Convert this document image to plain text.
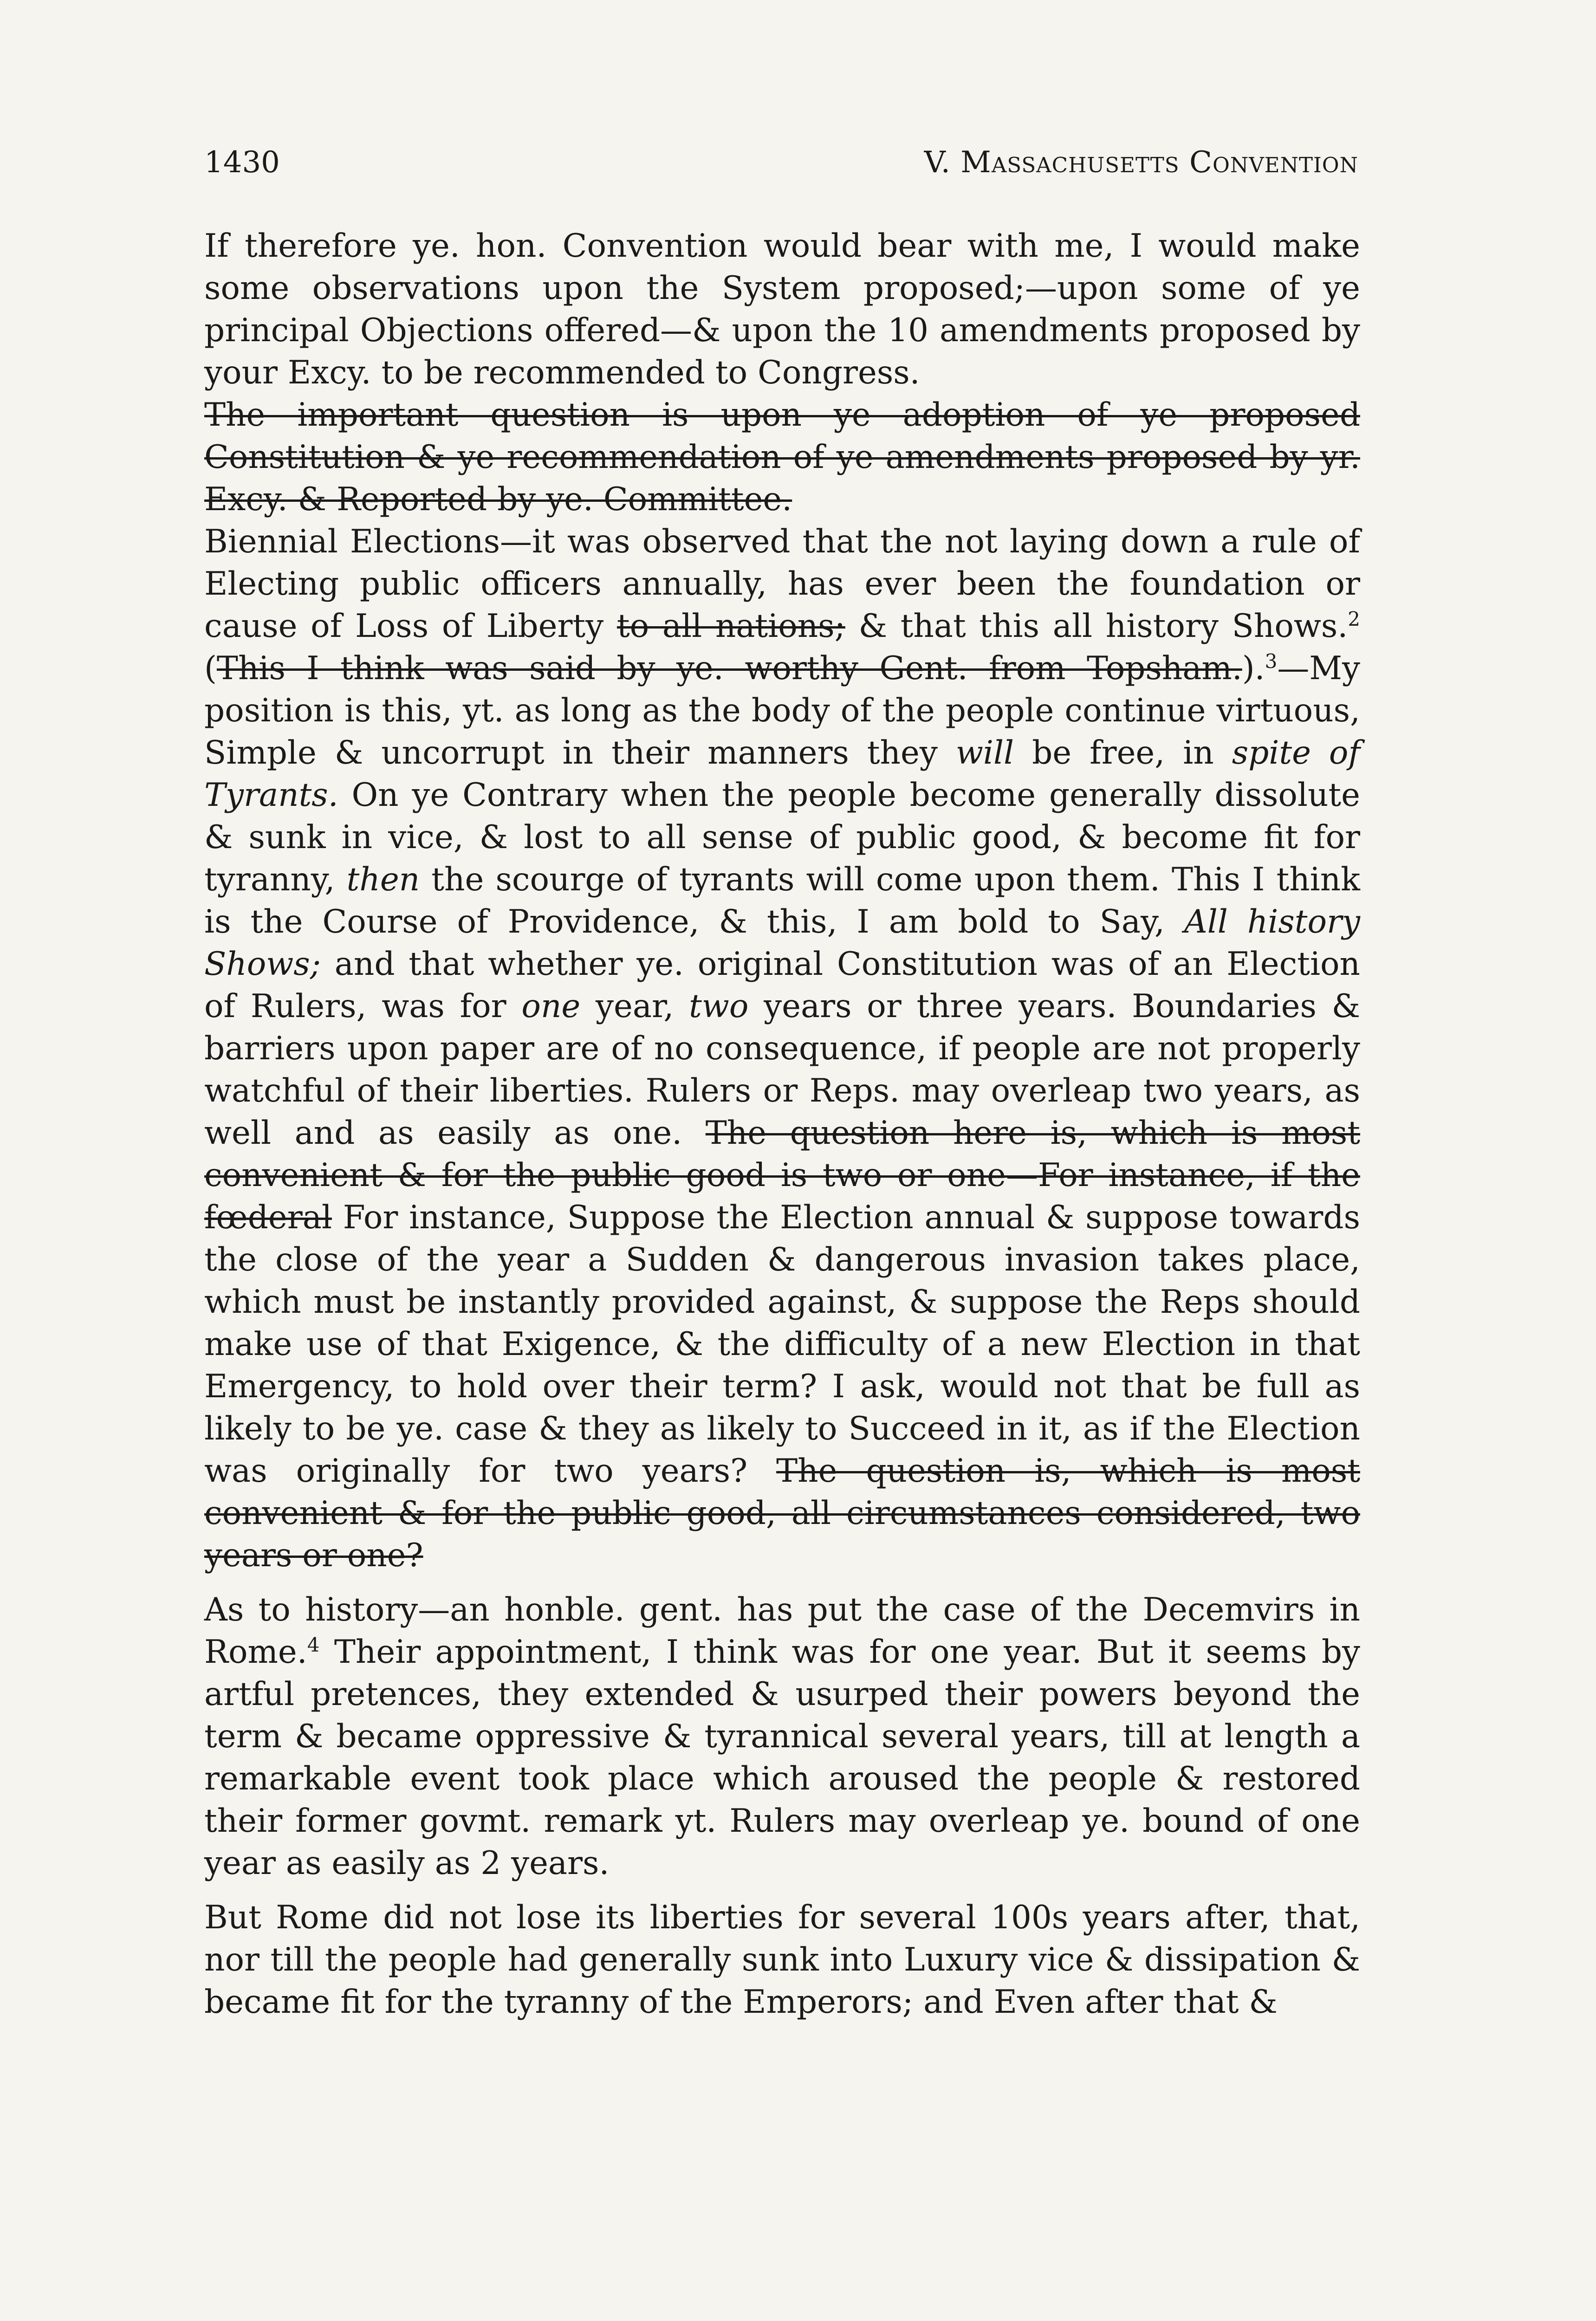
1430	V. Massachusetts Convention

If therefore ye. hon. Convention would bear with me, I would make some observations upon the System proposed;—upon some of ye principal Objections offered—& upon the 10 amendments proposed by your Excy. to be recommended to Congress.
The important question is upon ye adoption of ye proposed Constitution & ye recommendation of ye amendments proposed by yr. Excy. & Reported by ye. Committee.

Biennial Elections—it was observed that the not laying down a rule of Electing public officers annually, has ever been the foundation or cause of Loss of Liberty to all nations; & that this all history Shows.$^2$ (This I think was said by ye. worthy Gent. from Topsham.).$^3$—My position is this, yt. as long as the body of the people continue virtuous, Simple & uncorrupt in their manners they will be free, in spite of Tyrants. On ye Contrary when the people become generally dissolute & sunk in vice, & lost to all sense of public good, & become fit for tyranny, then the scourge of tyrants will come upon them. This I think is the Course of Providence, & this, I am bold to Say, All history Shows; and that whether ye. original Constitution was of an Election of Rulers, was for one year, two years or three years. Boundaries & barriers upon paper are of no consequence, if people are not properly watchful of their liberties. Rulers or Reps. may overleap two years, as well and as easily as one. The question here is, which is most convenient & for the public good is two or one—For instance, if the fœderal For instance, Suppose the Election annual & suppose towards the close of the year a Sudden & dangerous invasion takes place, which must be instantly provided against, & suppose the Reps should make use of that Exigence, & the difficulty of a new Election in that Emergency, to hold over their term? I ask, would not that be full as likely to be ye. case & they as likely to Succeed in it, as if the Election was originally for two years? The question is, which is most convenient & for the public good, all circumstances considered, two years or one?

As to history—an honble. gent. has put the case of the Decemvirs in Rome.$^4$ Their appointment, I think was for one year. But it seems by artful pretences, they extended & usurped their powers beyond the term & became oppressive & tyrannical several years, till at length a remarkable event took place which aroused the people & restored their former govmt. remark yt. Rulers may overleap ye. bound of one year as easily as 2 years.

But Rome did not lose its liberties for several 100s years after, that, nor till the people had generally sunk into Luxury vice & dissipation & became fit for the tyranny of the Emperors; and Even after that &
